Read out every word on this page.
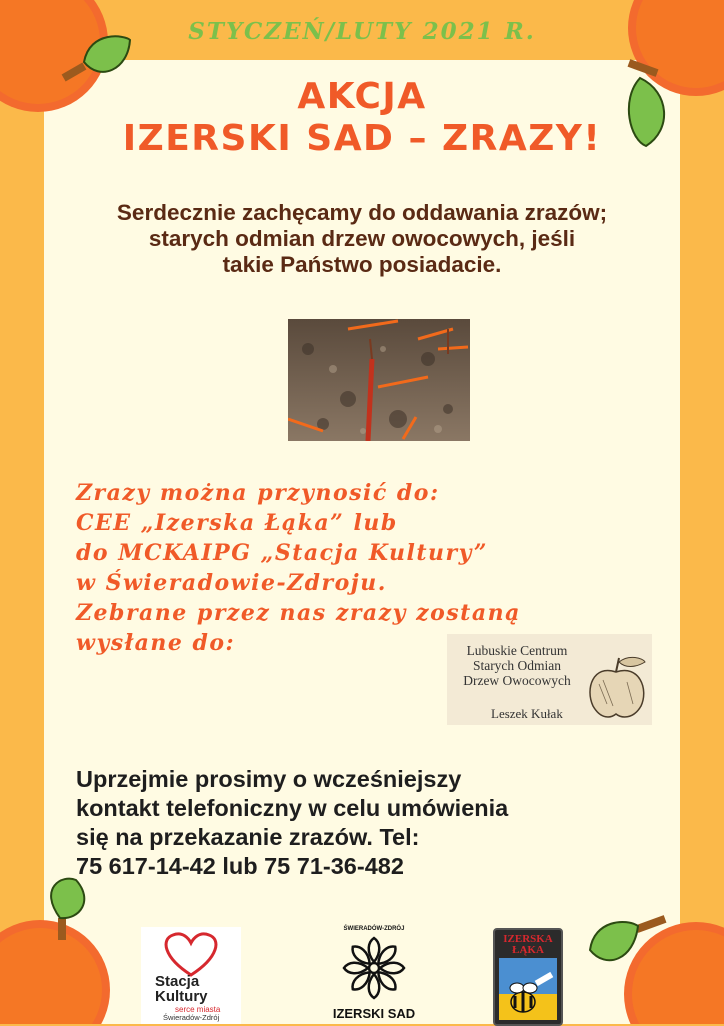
STYCZEŃ/LUTY 2021 R.
AKCJA
IZERSKI SAD – ZRAZY!
Serdecznie zachęcamy do oddawania zrazów;
starych odmian drzew owocowych, jeśli
takie Państwo posiadacie.
Zrazy można przynosić do:
CEE „Izerska Łąka” lub
do MCKAIPG „Stacja Kultury”
w Świeradowie-Zdroju.
Zebrane przez nas zrazy zostaną
wysłane do:	Lubuskie Centrum
Starych Odmian
Drzew Owocowych
Leszek Kułak
Uprzejmie prosimy o wcześniejszy
kontakt telefoniczny w celu umówienia
się na przekazanie zrazów. Tel:
75 617-14-42 lub 75 71-36-482
Stacja
Kultury
serce miasta
Świeradów-Zdrój
ŚWIERADÓW-ZDRÓJ
IZERSKI SAD
IZERSKA ŁĄKA
